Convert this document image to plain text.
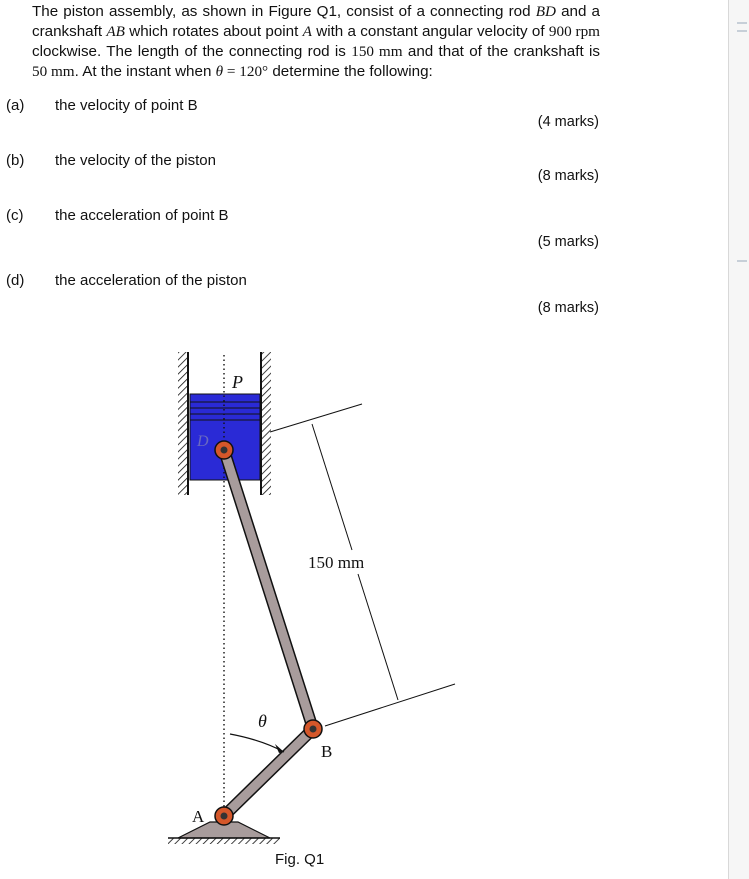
The piston assembly, as shown in Figure Q1, consist of a connecting rod BD and a crankshaft AB which rotates about point A with a constant angular velocity of 900 rpm clockwise. The length of the connecting rod is 150 mm and that of the crankshaft is 50 mm. At the instant when θ = 120° determine the following:
(a) the velocity of point B
(4 marks)
(b) the velocity of the piston
(8 marks)
(c) the acceleration of point B
(5 marks)
(d) the acceleration of the piston
(8 marks)
P
D
B
A
θ
150 mm
Fig. Q1
